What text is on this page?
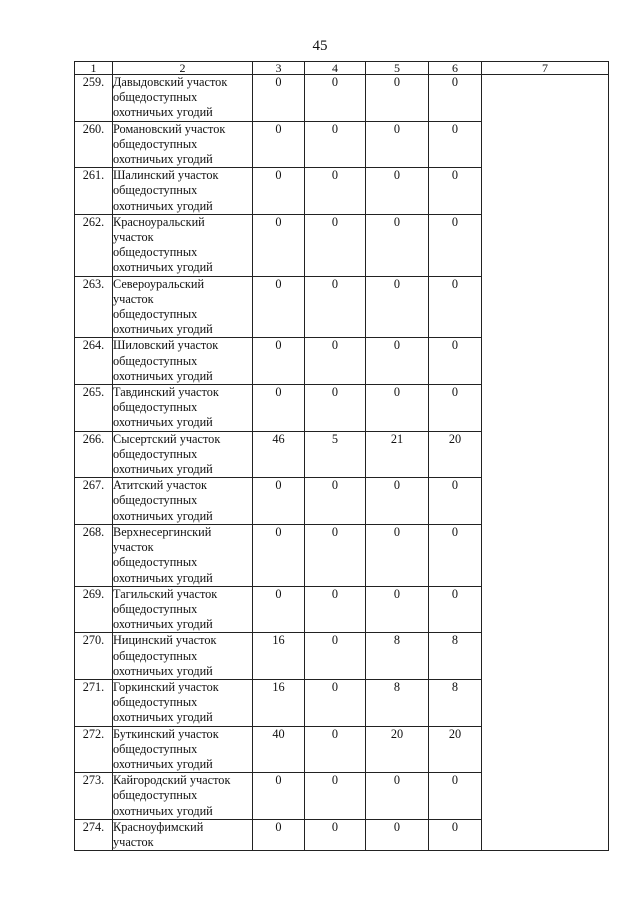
45
1	2	3	4	5	6	7
259.	Давыдовский участок
общедоступных
охотничьих угодий	0	0	0	0	
260.	Романовский участок
общедоступных
охотничьих угодий	0	0	0	0	
261.	Шалинский участок
общедоступных
охотничьих угодий	0	0	0	0	
262.	Красноуральский
участок
общедоступных
охотничьих угодий	0	0	0	0	
263.	Североуральский
участок
общедоступных
охотничьих угодий	0	0	0	0	
264.	Шиловский участок
общедоступных
охотничьих угодий	0	0	0	0	
265.	Тавдинский участок
общедоступных
охотничьих угодий	0	0	0	0	
266.	Сысертский участок
общедоступных
охотничьих угодий	46	5	21	20	
267.	Атитский участок
общедоступных
охотничьих угодий	0	0	0	0	
268.	Верхнесергинский
участок
общедоступных
охотничьих угодий	0	0	0	0	
269.	Тагильский участок
общедоступных
охотничьих угодий	0	0	0	0	
270.	Ницинский участок
общедоступных
охотничьих угодий	16	0	8	8	
271.	Горкинский участок
общедоступных
охотничьих угодий	16	0	8	8	
272.	Буткинский участок
общедоступных
охотничьих угодий	40	0	20	20	
273.	Кайгородский участок
общедоступных
охотничьих угодий	0	0	0	0	
274.	Красноуфимский
участок	0	0	0	0	
